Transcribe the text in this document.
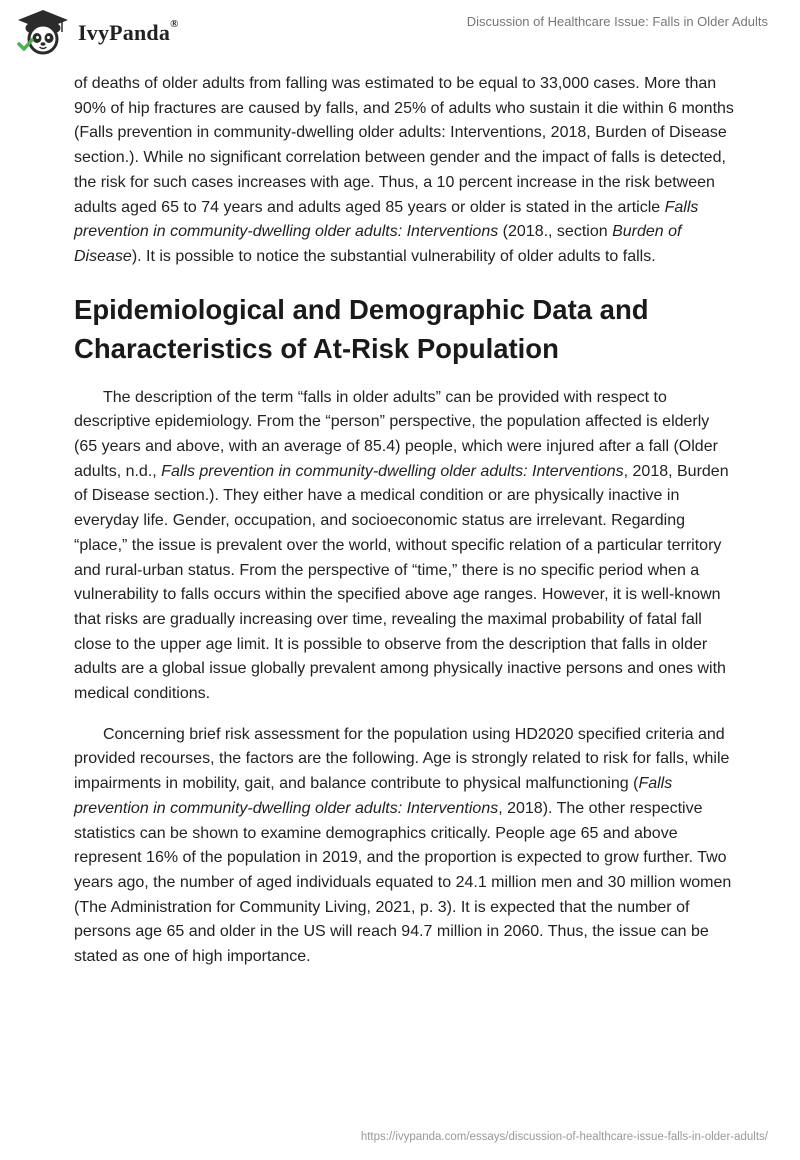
IvyPanda®	Discussion of Healthcare Issue: Falls in Older Adults

of deaths of older adults from falling was estimated to be equal to 33,000 cases. More than 90% of hip fractures are caused by falls, and 25% of adults who sustain it die within 6 months (Falls prevention in community-dwelling older adults: Interventions, 2018, Burden of Disease section.). While no significant correlation between gender and the impact of falls is detected, the risk for such cases increases with age. Thus, a 10 percent increase in the risk between adults aged 65 to 74 years and adults aged 85 years or older is stated in the article Falls prevention in community-dwelling older adults: Interventions (2018., section Burden of Disease). It is possible to notice the substantial vulnerability of older adults to falls.

Epidemiological and Demographic Data and Characteristics of At-Risk Population

The description of the term “falls in older adults” can be provided with respect to descriptive epidemiology. From the “person” perspective, the population affected is elderly (65 years and above, with an average of 85.4) people, which were injured after a fall (Older adults, n.d., Falls prevention in community-dwelling older adults: Interventions, 2018, Burden of Disease section.). They either have a medical condition or are physically inactive in everyday life. Gender, occupation, and socioeconomic status are irrelevant. Regarding “place,” the issue is prevalent over the world, without specific relation of a particular territory and rural-urban status. From the perspective of “time,” there is no specific period when a vulnerability to falls occurs within the specified above age ranges. However, it is well-known that risks are gradually increasing over time, revealing the maximal probability of fatal fall close to the upper age limit. It is possible to observe from the description that falls in older adults are a global issue globally prevalent among physically inactive persons and ones with medical conditions.

Concerning brief risk assessment for the population using HD2020 specified criteria and provided recourses, the factors are the following. Age is strongly related to risk for falls, while impairments in mobility, gait, and balance contribute to physical malfunctioning (Falls prevention in community-dwelling older adults: Interventions, 2018). The other respective statistics can be shown to examine demographics critically. People age 65 and above represent 16% of the population in 2019, and the proportion is expected to grow further. Two years ago, the number of aged individuals equated to 24.1 million men and 30 million women (The Administration for Community Living, 2021, p. 3). It is expected that the number of persons age 65 and older in the US will reach 94.7 million in 2060. Thus, the issue can be stated as one of high importance.

https://ivypanda.com/essays/discussion-of-healthcare-issue-falls-in-older-adults/
